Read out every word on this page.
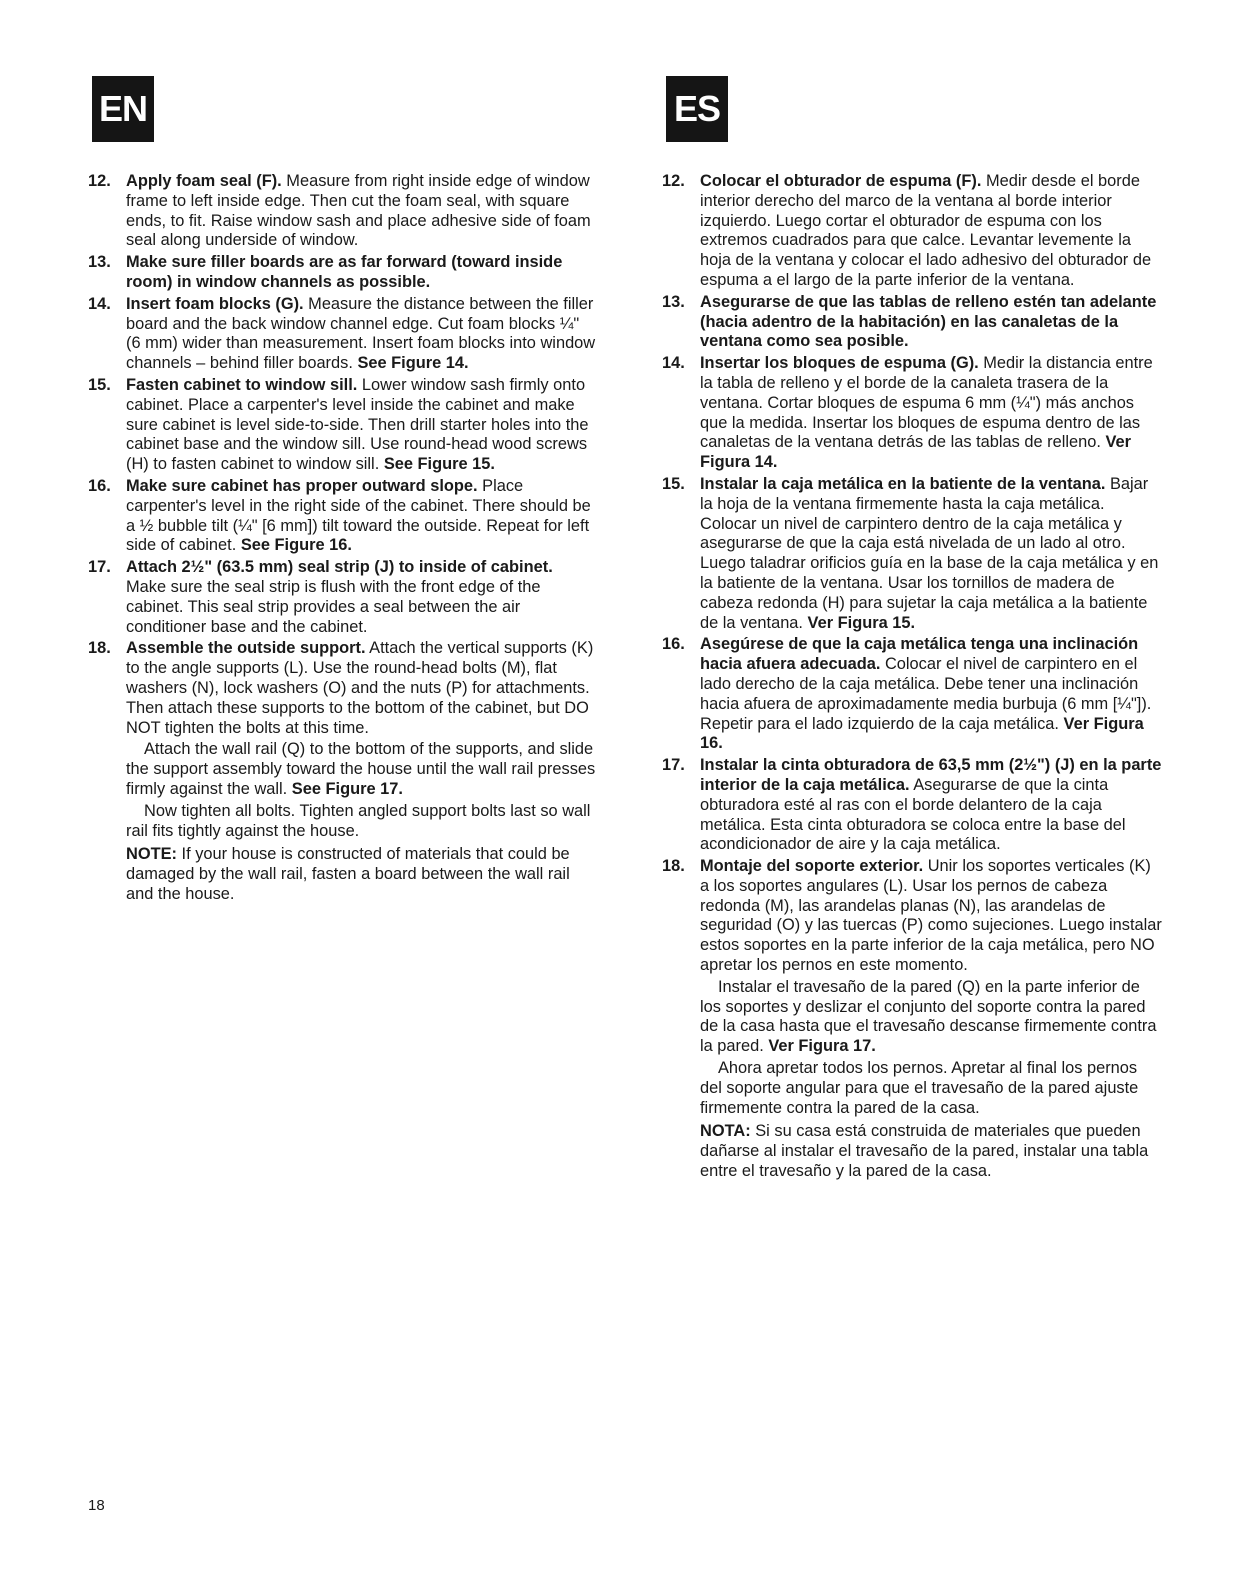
EN	ES
12. Apply foam seal (F). Measure from right inside edge of window frame to left inside edge. Then cut the foam seal, with square ends, to fit. Raise window sash and place adhesive side of foam seal along underside of window.
13. Make sure filler boards are as far forward (toward inside room) in window channels as possible.
14. Insert foam blocks (G). Measure the distance between the filler board and the back window channel edge. Cut foam blocks ¼" (6 mm) wider than measurement. Insert foam blocks into window channels – behind filler boards. See Figure 14.
15. Fasten cabinet to window sill. Lower window sash firmly onto cabinet. Place a carpenter's level inside the cabinet and make sure cabinet is level side-to-side. Then drill starter holes into the cabinet base and the window sill. Use round-head wood screws (H) to fasten cabinet to window sill. See Figure 15.
16. Make sure cabinet has proper outward slope. Place carpenter's level in the right side of the cabinet. There should be a ½ bubble tilt (¼" [6 mm]) tilt toward the outside. Repeat for left side of cabinet. See Figure 16.
17. Attach 2½" (63.5 mm) seal strip (J) to inside of cabinet. Make sure the seal strip is flush with the front edge of the cabinet. This seal strip provides a seal between the air conditioner base and the cabinet.
18. Assemble the outside support. Attach the vertical supports (K) to the angle supports (L). Use the round-head bolts (M), flat washers (N), lock washers (O) and the nuts (P) for attachments. Then attach these supports to the bottom of the cabinet, but DO NOT tighten the bolts at this time.
Attach the wall rail (Q) to the bottom of the supports, and slide the support assembly toward the house until the wall rail presses firmly against the wall. See Figure 17.
Now tighten all bolts. Tighten angled support bolts last so wall rail fits tightly against the house.
NOTE: If your house is constructed of materials that could be damaged by the wall rail, fasten a board between the wall rail and the house.
12. Colocar el obturador de espuma (F). Medir desde el borde interior derecho del marco de la ventana al borde interior izquierdo. Luego cortar el obturador de espuma con los extremos cuadrados para que calce. Levantar levemente la hoja de la ventana y colocar el lado adhesivo del obturador de espuma a el largo de la parte inferior de la ventana.
13. Asegurarse de que las tablas de relleno estén tan adelante (hacia adentro de la habitación) en las canaletas de la ventana como sea posible.
14. Insertar los bloques de espuma (G). Medir la distancia entre la tabla de relleno y el borde de la canaleta trasera de la ventana. Cortar bloques de espuma 6 mm (¼") más anchos que la medida. Insertar los bloques de espuma dentro de las canaletas de la ventana detrás de las tablas de relleno. Ver Figura 14.
15. Instalar la caja metálica en la batiente de la ventana. Bajar la hoja de la ventana firmemente hasta la caja metálica. Colocar un nivel de carpintero dentro de la caja metálica y asegurarse de que la caja está nivelada de un lado al otro. Luego taladrar orificios guía en la base de la caja metálica y en la batiente de la ventana. Usar los tornillos de madera de cabeza redonda (H) para sujetar la caja metálica a la batiente de la ventana. Ver Figura 15.
16. Asegúrese de que la caja metálica tenga una inclinación hacia afuera adecuada. Colocar el nivel de carpintero en el lado derecho de la caja metálica. Debe tener una inclinación hacia afuera de aproximadamente media burbuja (6 mm [¼"]). Repetir para el lado izquierdo de la caja metálica. Ver Figura 16.
17. Instalar la cinta obturadora de 63,5 mm (2½") (J) en la parte interior de la caja metálica. Asegurarse de que la cinta obturadora esté al ras con el borde delantero de la caja metálica. Esta cinta obturadora se coloca entre la base del acondicionador de aire y la caja metálica.
18. Montaje del soporte exterior. Unir los soportes verticales (K) a los soportes angulares (L). Usar los pernos de cabeza redonda (M), las arandelas planas (N), las arandelas de seguridad (O) y las tuercas (P) como sujeciones. Luego instalar estos soportes en la parte inferior de la caja metálica, pero NO apretar los pernos en este momento.
Instalar el travesaño de la pared (Q) en la parte inferior de los soportes y deslizar el conjunto del soporte contra la pared de la casa hasta que el travesaño descanse firmemente contra la pared. Ver Figura 17.
Ahora apretar todos los pernos. Apretar al final los pernos del soporte angular para que el travesaño de la pared ajuste firmemente contra la pared de la casa.
NOTA: Si su casa está construida de materiales que pueden dañarse al instalar el travesaño de la pared, instalar una tabla entre el travesaño y la pared de la casa.
18
